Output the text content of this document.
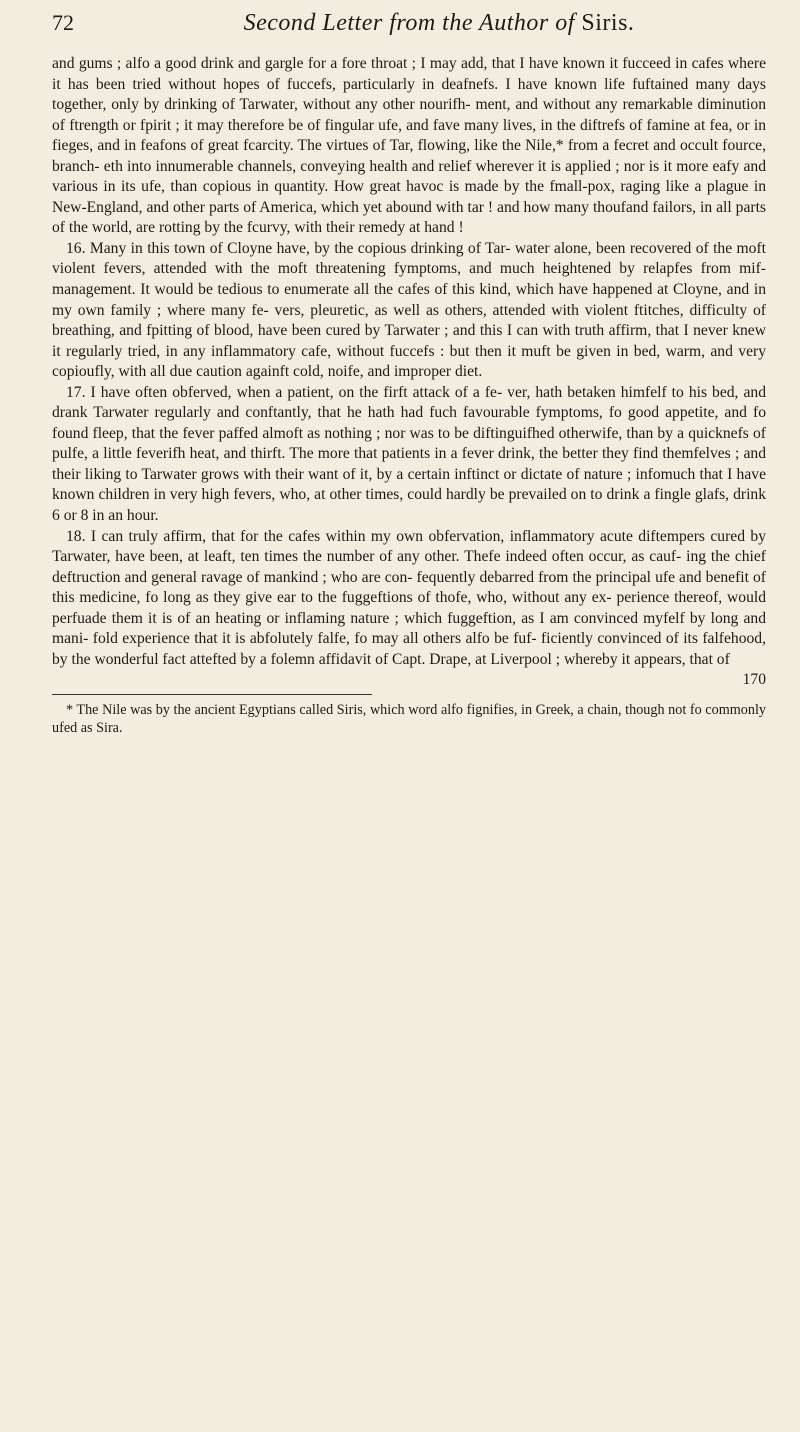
72	Second Letter from the Author of Siris.

and gums ; alfo a good drink and gargle for a fore throat ; I may add, that I have known it fucceed in cafes where it has been tried without hopes of fuccefs, particularly in deafnefs. I have known life fuftained many days together, only by drinking of Tarwater, without any other nourifh- ment, and without any remarkable diminution of ftrength or fpirit ; it may therefore be of fingular ufe, and fave many lives, in the diftrefs of famine at fea, or in fieges, and in feafons of great fcarcity. The virtues of Tar, flowing, like the Nile,* from a fecret and occult fource, branch- eth into innumerable channels, conveying health and relief wherever it is applied ; nor is it more eafy and various in its ufe, than copious in quantity. How great havoc is made by the fmall-pox, raging like a plague in New-England, and other parts of America, which yet abound with tar ! and how many thoufand failors, in all parts of the world, are rotting by the fcurvy, with their remedy at hand !

16. Many in this town of Cloyne have, by the copious drinking of Tar- water alone, been recovered of the moft violent fevers, attended with the moft threatening fymptoms, and much heightened by relapfes from mif- management. It would be tedious to enumerate all the cafes of this kind, which have happened at Cloyne, and in my own family ; where many fe- vers, pleuretic, as well as others, attended with violent ftitches, difficulty of breathing, and fpitting of blood, have been cured by Tarwater ; and this I can with truth affirm, that I never knew it regularly tried, in any inflammatory cafe, without fuccefs : but then it muft be given in bed, warm, and very copioufly, with all due caution againft cold, noife, and improper diet.

17. I have often obferved, when a patient, on the firft attack of a fe- ver, hath betaken himfelf to his bed, and drank Tarwater regularly and conftantly, that he hath had fuch favourable fymptoms, fo good appetite, and fo found fleep, that the fever paffed almoft as nothing ; nor was to be diftinguifhed otherwife, than by a quicknefs of pulfe, a little feverifh heat, and thirft. The more that patients in a fever drink, the better they find themfelves ; and their liking to Tarwater grows with their want of it, by a certain inftinct or dictate of nature ; infomuch that I have known children in very high fevers, who, at other times, could hardly be prevailed on to drink a fingle glafs, drink 6 or 8 in an hour.

18. I can truly affirm, that for the cafes within my own obfervation, inflammatory acute diftempers cured by Tarwater, have been, at leaft, ten times the number of any other. Thefe indeed often occur, as cauf- ing the chief deftruction and general ravage of mankind ; who are con- fequently debarred from the principal ufe and benefit of this medicine, fo long as they give ear to the fuggeftions of thofe, who, without any ex- perience thereof, would perfuade them it is of an heating or inflaming nature ; which fuggeftion, as I am convinced myfelf by long and mani- fold experience that it is abfolutely falfe, fo may all others alfo be fuf- ficiently convinced of its falfehood, by the wonderful fact attefted by a folemn affidavit of Capt. Drape, at Liverpool ; whereby it appears, that of

170
* The Nile was by the ancient Egyptians called Siris, which word alfo fignifies, in Greek, a chain, though not fo commonly ufed as Sira.
